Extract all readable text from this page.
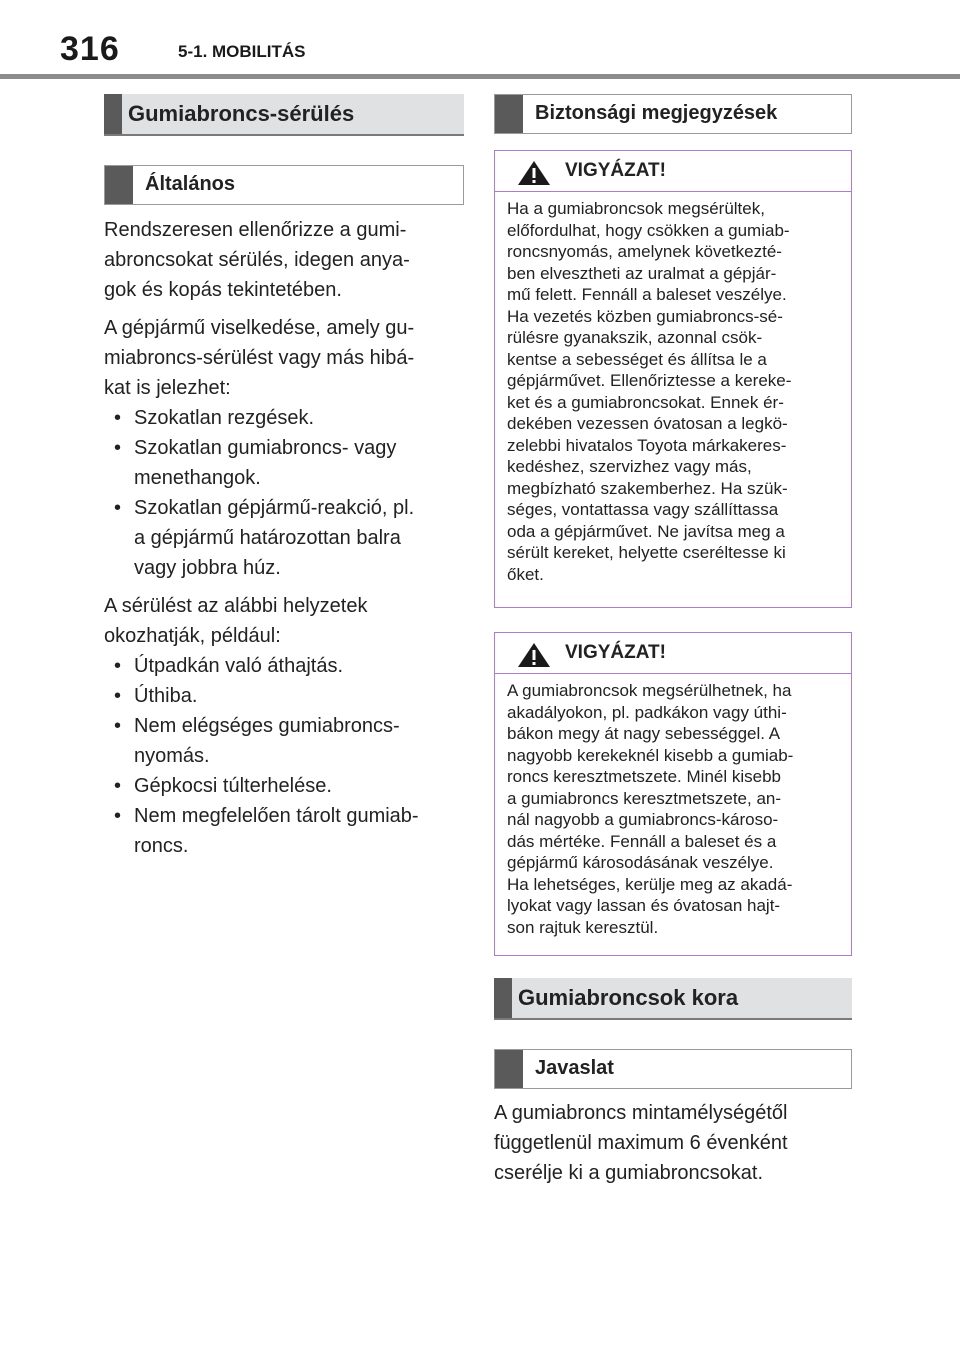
316	5-1. MOBILITÁS
Gumiabroncs-sérülés
Általános

Rendszeresen ellenőrizze a gumi-

abroncsokat sérülés, idegen anya-

gok és kopás tekintetében.

A gépjármű viselkedése, amely gu-

miabroncs-sérülést vagy más hibá-

kat is jelezhet:

• Szokatlan rezgések.

• Szokatlan gumiabroncs- vagy

menethangok.

• Szokatlan gépjármű-reakció, pl.

a gépjármű határozottan balra

vagy jobbra húz.

A sérülést az alábbi helyzetek

okozhatják, például:

• Útpadkán való áthajtás.

• Úthiba.

• Nem elégséges gumiabroncs-

nyomás.

• Gépkocsi túlterhelése.

• Nem megfelelően tárolt gumiab-

roncs.

Biztonsági megjegyzések
VIGYÁZAT!
Ha a gumiabroncsok megsérültek,
előfordulhat, hogy csökken a gumiab-
roncsnyomás, amelynek következté-
ben elvesztheti az uralmat a gépjár-
mű felett. Fennáll a baleset veszélye.
Ha vezetés közben gumiabroncs-sé-
rülésre gyanakszik, azonnal csök-
kentse a sebességet és állítsa le a
gépjárművet. Ellenőriztesse a kereke-
ket és a gumiabroncsokat. Ennek ér-
dekében vezessen óvatosan a legkö-
zelebbi hivatalos Toyota márkakeres-
kedéshez, szervizhez vagy más,
megbízható szakemberhez. Ha szük-
séges, vontattassa vagy szállíttassa
oda a gépjárművet. Ne javítsa meg a
sérült kereket, helyette cseréltesse ki
őket.
VIGYÁZAT!
A gumiabroncsok megsérülhetnek, ha
akadályokon, pl. padkákon vagy úthi-
bákon megy át nagy sebességgel. A
nagyobb kerekeknél kisebb a gumiab-
roncs keresztmetszete. Minél kisebb
a gumiabroncs keresztmetszete, an-
nál nagyobb a gumiabroncs-károso-
dás mértéke. Fennáll a baleset és a
gépjármű károsodásának veszélye.
Ha lehetséges, kerülje meg az akadá-
lyokat vagy lassan és óvatosan hajt-
son rajtuk keresztül.
Gumiabroncsok kora
Javaslat

A gumiabroncs mintamélységétől

függetlenül maximum 6 évenként

cserélje ki a gumiabroncsokat.
